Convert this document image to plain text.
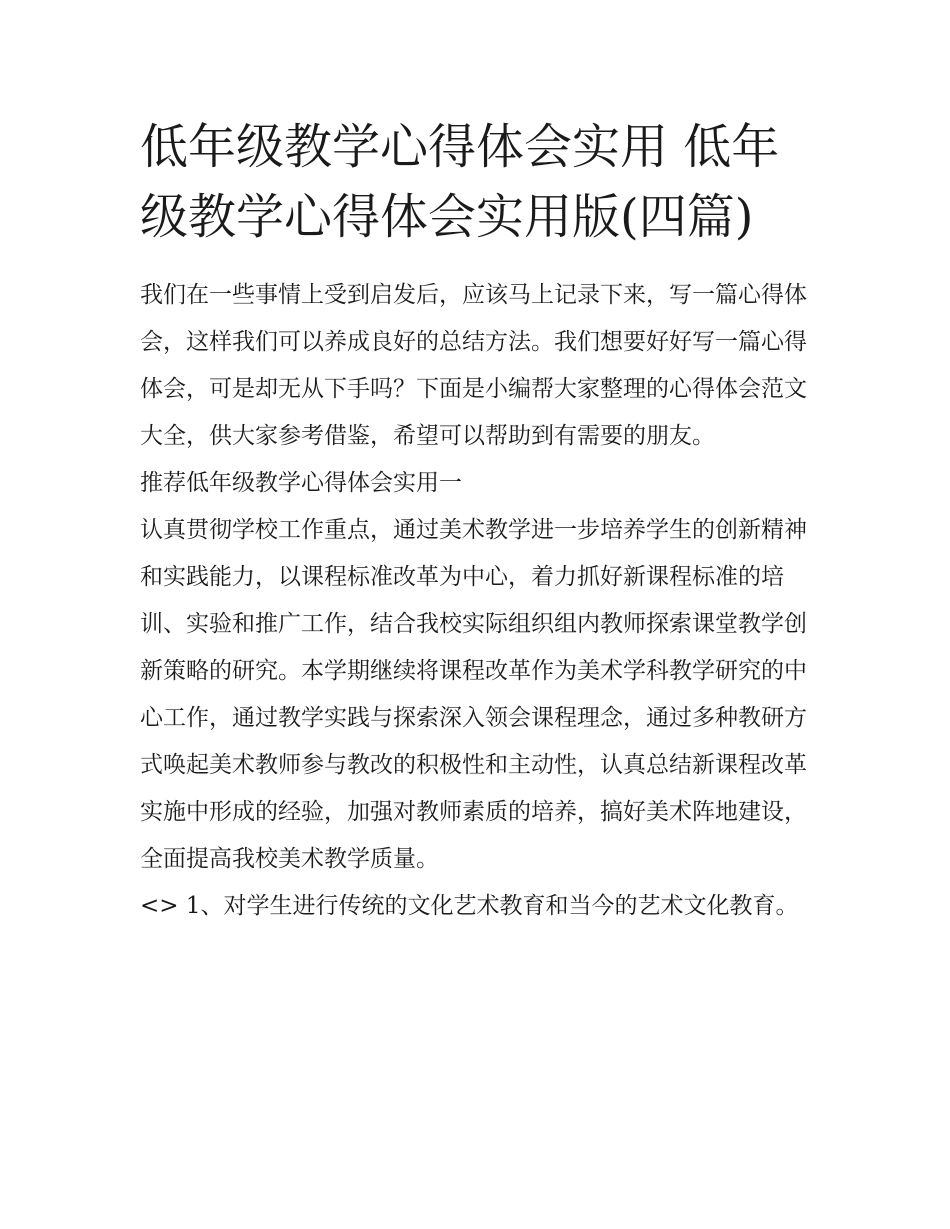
低年级教学心得体会实用 低年级教学心得体会实用版(四篇)

我们在一些事情上受到启发后，应该马上记录下来，写一篇心得体会，这样我们可以养成良好的总结方法。我们想要好好写一篇心得体会，可是却无从下手吗？下面是小编帮大家整理的心得体会范文大全，供大家参考借鉴，希望可以帮助到有需要的朋友。

推荐低年级教学心得体会实用一

认真贯彻学校工作重点，通过美术教学进一步培养学生的创新精神和实践能力，以课程标准改革为中心，着力抓好新课程标准的培训、实验和推广工作，结合我校实际组织组内教师探索课堂教学创新策略的研究。本学期继续将课程改革作为美术学科教学研究的中心工作，通过教学实践与探索深入领会课程理念，通过多种教研方式唤起美术教师参与教改的积极性和主动性，认真总结新课程改革实施中形成的经验，加强对教师素质的培养，搞好美术阵地建设，全面提高我校美术教学质量。

<> 1、对学生进行传统的文化艺术教育和当今的艺术文化教育。
